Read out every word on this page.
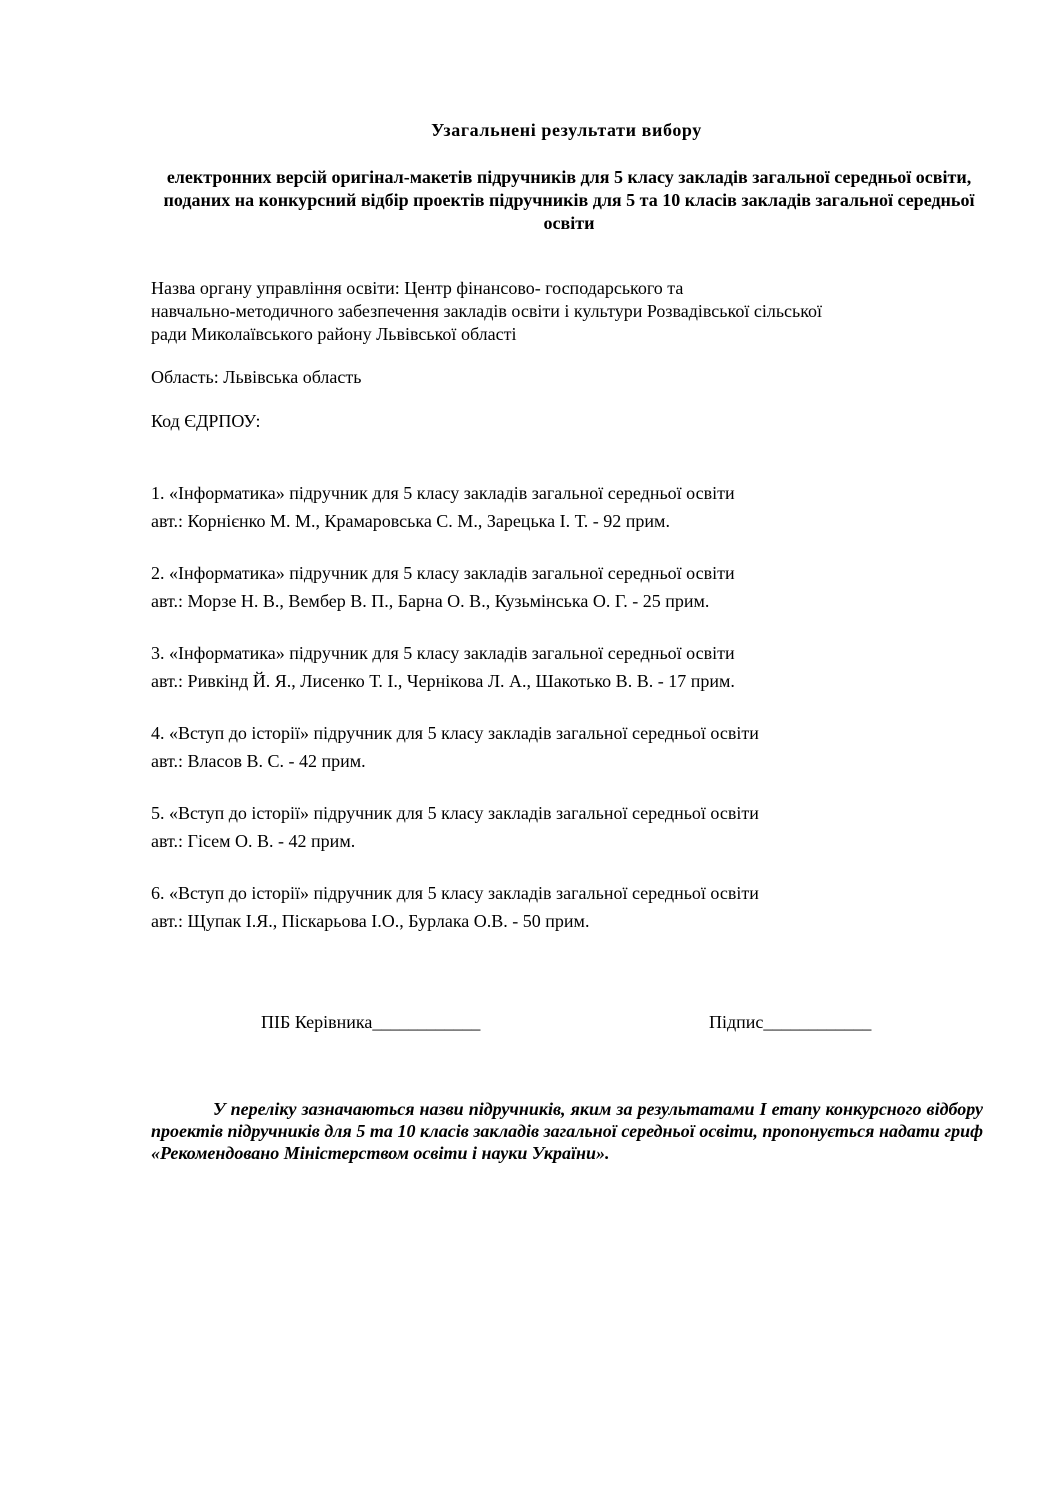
Узагальнені результати вибору
електронних версій оригінал-макетів підручників для 5 класу закладів загальної середньої освіти, поданих на конкурсний відбір проектів підручників для 5 та 10 класів закладів загальної середньої освіти
Назва органу управління освіти: Центр фінансово- господарського та
навчально-методичного забезпечення закладів освіти і культури Розвадівської сільської
ради Миколаївського району Львівської області
Область: Львівська область
Код ЄДРПОУ:
1. «Інформатика» підручник для 5 класу закладів загальної середньої освіти
авт.: Корнієнко М. М., Крамаровська С. М., Зарецька І. Т. - 92 прим.
2. «Інформатика» підручник для 5 класу закладів загальної середньої освіти
авт.: Морзе Н. В., Вембер В. П., Барна О. В., Кузьмінська О. Г. - 25 прим.
3. «Інформатика» підручник для 5 класу закладів загальної середньої освіти
авт.: Ривкінд Й. Я., Лисенко Т. І., Чернікова Л. А., Шакотько В. В. - 17 прим.
4. «Вступ до історії» підручник для 5 класу закладів загальної середньої освіти
авт.: Власов В. С. - 42 прим.
5. «Вступ до історії» підручник для 5 класу закладів загальної середньої освіти
авт.: Гісем О. В. - 42 прим.
6. «Вступ до історії» підручник для 5 класу закладів загальної середньої освіти
авт.: Щупак І.Я., Піскарьова І.О., Бурлака О.В. - 50 прим.
ПІБ Керівника____________	Підпис____________
У переліку зазначаються назви підручників, яким за результатами І етапу конкурсного відбору проектів підручників для 5 та 10 класів закладів загальної середньої освіти, пропонується надати гриф «Рекомендовано Міністерством освіти і науки України».
